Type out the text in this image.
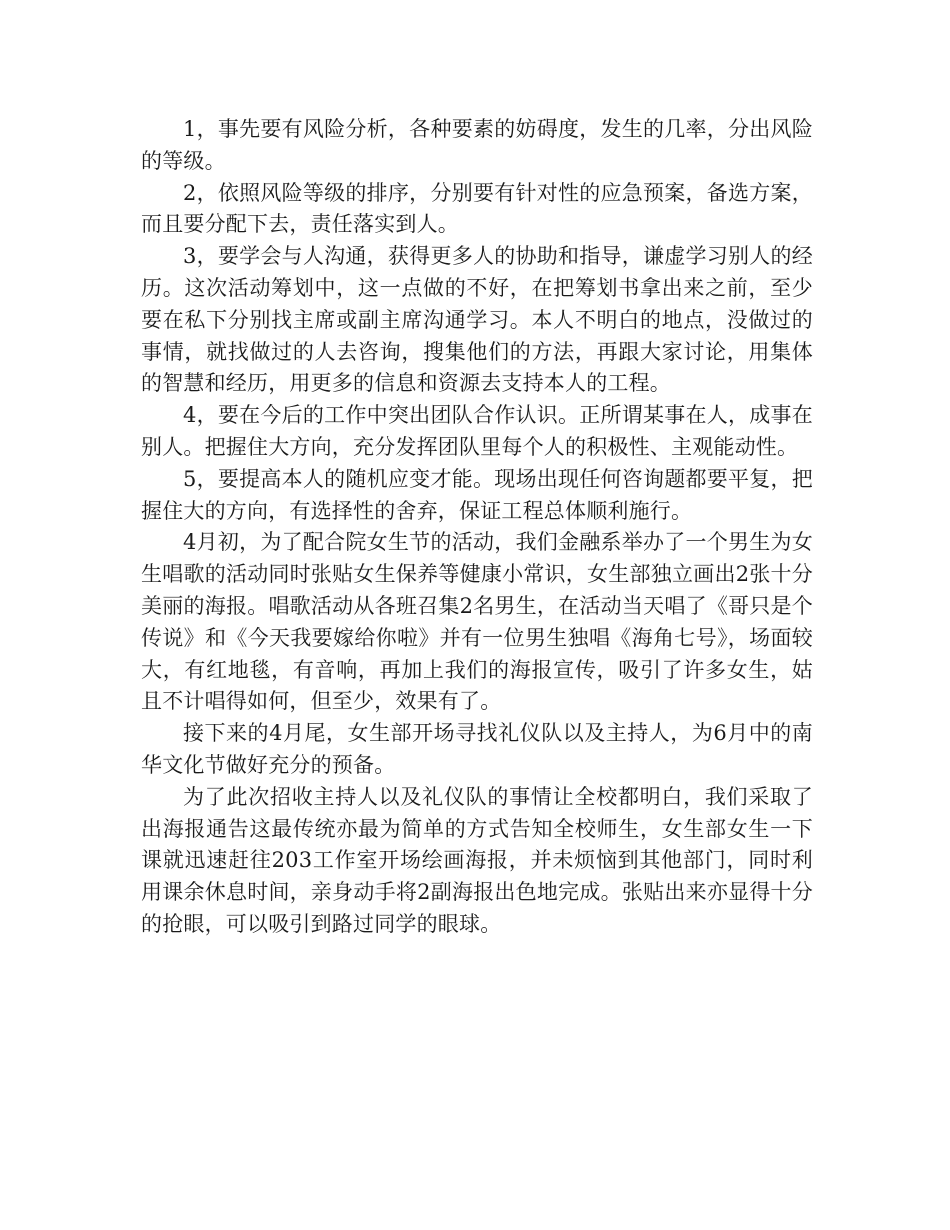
1，事先要有风险分析，各种要素的妨碍度，发生的几率，分出风险的等级。

2，依照风险等级的排序，分别要有针对性的应急预案，备选方案，而且要分配下去，责任落实到人。

3，要学会与人沟通，获得更多人的协助和指导，谦虚学习别人的经历。这次活动筹划中，这一点做的不好，在把筹划书拿出来之前，至少要在私下分别找主席或副主席沟通学习。本人不明白的地点，没做过的事情，就找做过的人去咨询，搜集他们的方法，再跟大家讨论，用集体的智慧和经历，用更多的信息和资源去支持本人的工程。

4，要在今后的工作中突出团队合作认识。正所谓某事在人，成事在别人。把握住大方向，充分发挥团队里每个人的积极性、主观能动性。

5，要提高本人的随机应变才能。现场出现任何咨询题都要平复，把握住大的方向，有选择性的舍弃，保证工程总体顺利施行。

4月初，为了配合院女生节的活动，我们金融系举办了一个男生为女生唱歌的活动同时张贴女生保养等健康小常识，女生部独立画出2张十分美丽的海报。唱歌活动从各班召集2名男生，在活动当天唱了《哥只是个传说》和《今天我要嫁给你啦》并有一位男生独唱《海角七号》，场面较大，有红地毯，有音响，再加上我们的海报宣传，吸引了许多女生，姑且不计唱得如何，但至少，效果有了。

接下来的4月尾，女生部开场寻找礼仪队以及主持人，为6月中的南华文化节做好充分的预备。

为了此次招收主持人以及礼仪队的事情让全校都明白，我们采取了出海报通告这最传统亦最为简单的方式告知全校师生，女生部女生一下课就迅速赶往203工作室开场绘画海报，并未烦恼到其他部门，同时利用课余休息时间，亲身动手将2副海报出色地完成。张贴出来亦显得十分的抢眼，可以吸引到路过同学的眼球。
